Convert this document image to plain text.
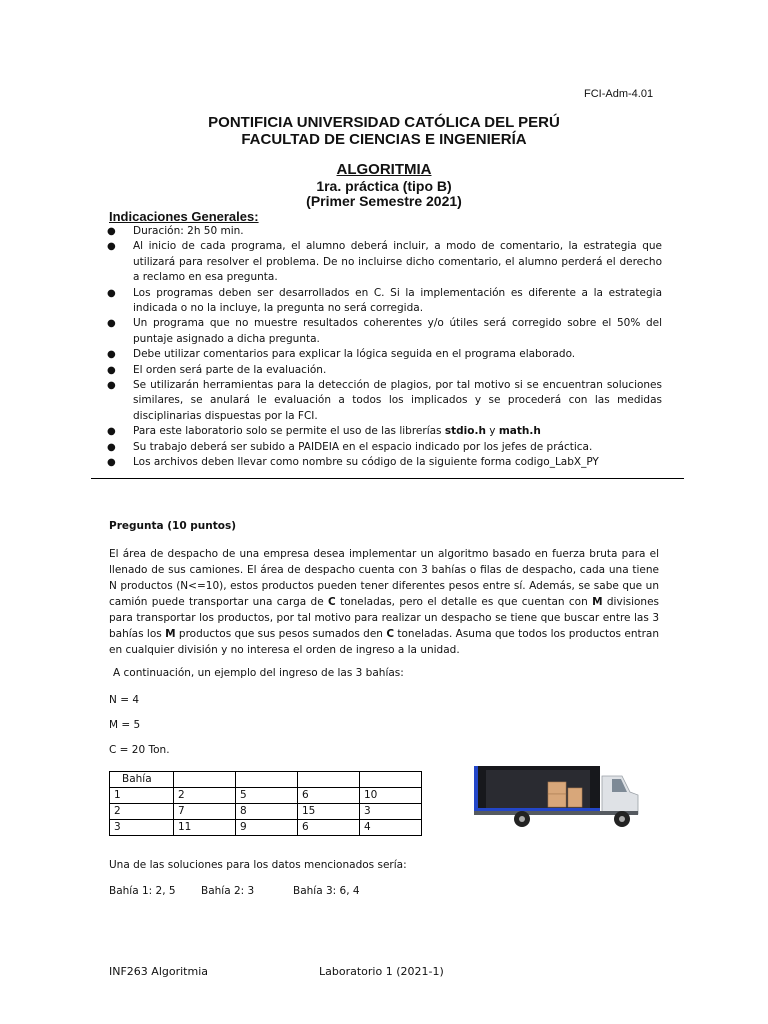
FCI-Adm-4.01
PONTIFICIA UNIVERSIDAD CATÓLICA DEL PERÚ
FACULTAD DE CIENCIAS E INGENIERÍA
ALGORITMIA
1ra. práctica (tipo B)
(Primer Semestre 2021)
Indicaciones Generales:
● Duración: 2h 50 min.
● Al inicio de cada programa, el alumno deberá incluir, a modo de comentario, la estrategia que utilizará para resolver el problema. De no incluirse dicho comentario, el alumno perderá el derecho a reclamo en esa pregunta.
● Los programas deben ser desarrollados en C. Si la implementación es diferente a la estrategia indicada o no la incluye, la pregunta no será corregida.
● Un programa que no muestre resultados coherentes y/o útiles será corregido sobre el 50% del puntaje asignado a dicha pregunta.
● Debe utilizar comentarios para explicar la lógica seguida en el programa elaborado.
● El orden será parte de la evaluación.
● Se utilizarán herramientas para la detección de plagios, por tal motivo si se encuentran soluciones similares, se anulará le evaluación a todos los implicados y se procederá con las medidas disciplinarias dispuestas por la FCI.
● Para este laboratorio solo se permite el uso de las librerías stdio.h y math.h
● Su trabajo deberá ser subido a PAIDEIA en el espacio indicado por los jefes de práctica.
● Los archivos deben llevar como nombre su código de la siguiente forma codigo_LabX_PY
Pregunta (10 puntos)

El área de despacho de una empresa desea implementar un algoritmo basado en fuerza bruta para el llenado de sus camiones. El área de despacho cuenta con 3 bahías o filas de despacho, cada una tiene N productos (N<=10), estos productos pueden tener diferentes pesos entre sí. Además, se sabe que un camión puede transportar una carga de C toneladas, pero el detalle es que cuentan con M divisiones para transportar los productos, por tal motivo para realizar un despacho se tiene que buscar entre las 3 bahías los M productos que sus pesos sumados den C toneladas. Asuma que todos los productos entran en cualquier división y no interesa el orden de ingreso a la unidad.

A continuación, un ejemplo del ingreso de las 3 bahías:
N = 4
M = 5
C = 20 Ton.
Bahía				
1	2	5	6	10
2	7	8	15	3
3	11	9	6	4
Una de las soluciones para los datos mencionados sería:
Bahía 1: 2, 5 Bahía 2: 3	Bahía 3: 6, 4
INF263 Algoritmia	Laboratorio 1 (2021-1)
